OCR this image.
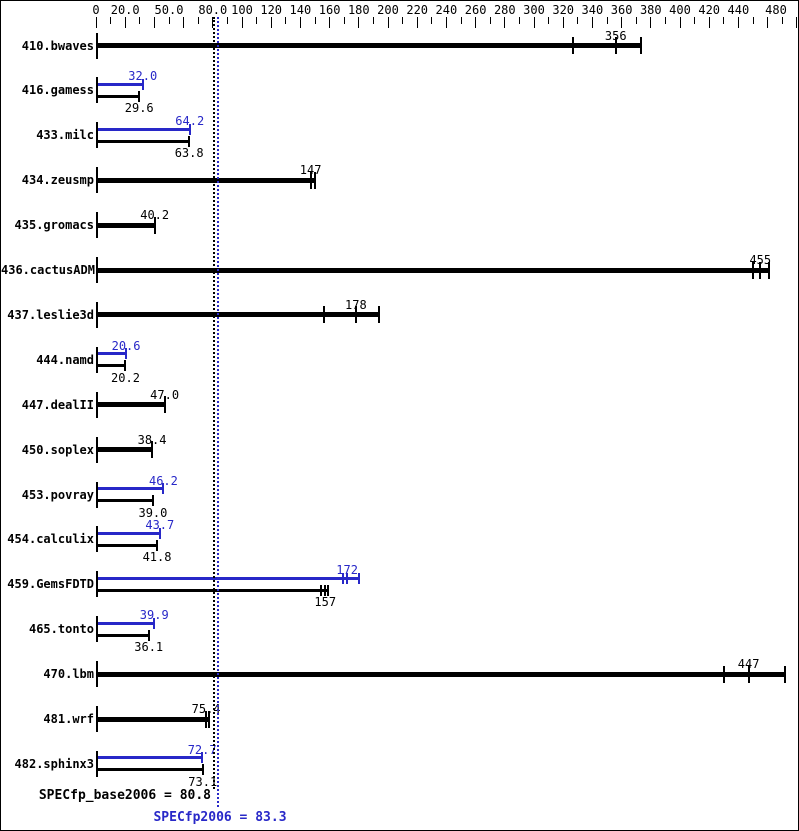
0 20.0	50.0	80.0 100 120 140 160 180 200 220 240 260 280 300 320 340 360 380 400 420 440	480
410.bwaves
356
416.gamess
32.0
29.6
433.milc
64.2
63.8
434.zeusmp
147
435.gromacs
40.2
436.cactusADM
455
437.leslie3d
178
444.namd
20.6
20.2
447.dealII
47.0
450.soplex
38.4
453.povray
46.2
39.0
454.calculix
43.7
41.8
459.GemsFDTD
172
157
465.tonto
39.9
36.1
470.lbm
447
481.wrf
75.4
482.sphinx3
72.7
73.1
SPECfp_base2006 = 80.8
SPECfp2006 = 83.3
